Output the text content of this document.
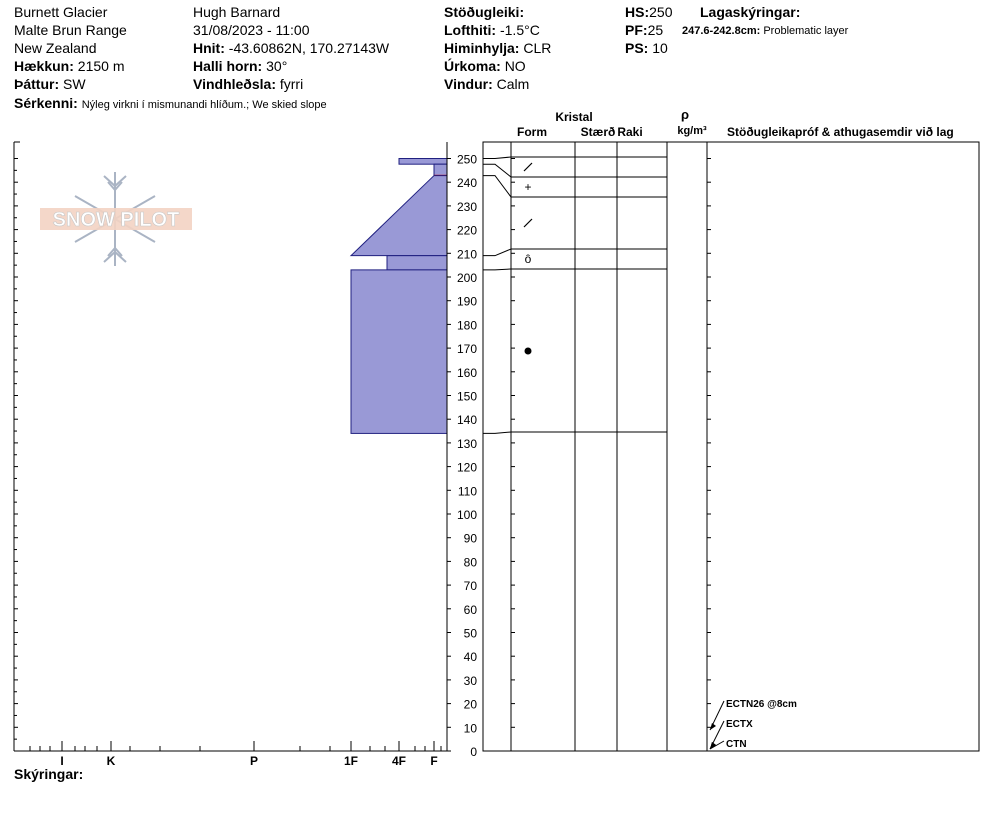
Burnett Glacier
Malte Brun Range
New Zealand
Hækkun: 2150 m
Þáttur: SW
Sérkenni: Nýleg virkni í mismunandi hlíðum.; We skied slope
Hugh Barnard
31/08/2023 - 11:00
Hnit: -43.60862N, 170.27143W
Halli horn: 30°
Vindhleðsla: fyrri
Stöðugleiki:
Lofthiti: -1.5°C
Himinhylja: CLR
Úrkoma: NO
Vindur: Calm
HS:250
PF:25
PS: 10
Lagaskýringar:
247.6-242.8cm: Problematic layer
Skýringar:
SNOW PILOT
I	K	P	1F	4F F
0
10
20
30
40
50
60
70
80
90
100
110
120
130
140
150
160
170
180
190
200
210
220
230
240
250
Kristal
Form	Stærð Raki
ρ
kg/m³ Stöðugleikapróf & athugasemdir við lag
+
ȏ
ECTN26 @8cm
ECTX
CTN
